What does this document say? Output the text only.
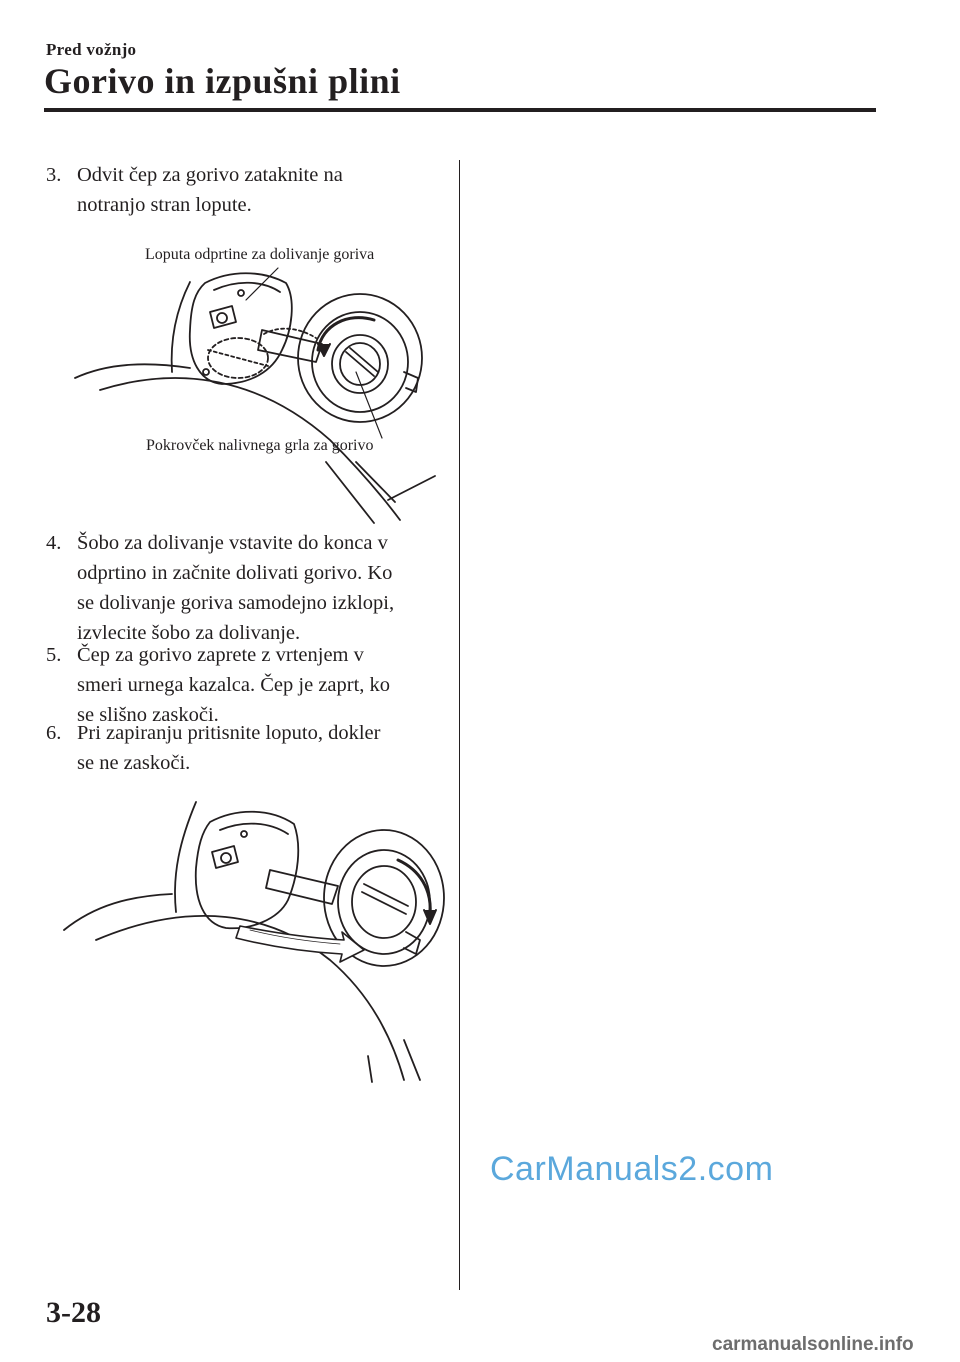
Pred vožnjo
Gorivo in izpušni plini
3. Odvit čep za gorivo zataknite na
notranjo stran lopute.
Loputa odprtine za dolivanje goriva
Pokrovček nalivnega grla za gorivo
4. Šobo za dolivanje vstavite do konca v
odprtino in začnite dolivati gorivo. Ko
se dolivanje goriva samodejno izklopi,
izvlecite šobo za dolivanje.
5. Čep za gorivo zaprete z vrtenjem v
smeri urnega kazalca. Čep je zaprt, ko
se slišno zaskoči.
6. Pri zapiranju pritisnite loputo, dokler
se ne zaskoči.
3-28
CarManuals2.com
carmanualsonline.info
